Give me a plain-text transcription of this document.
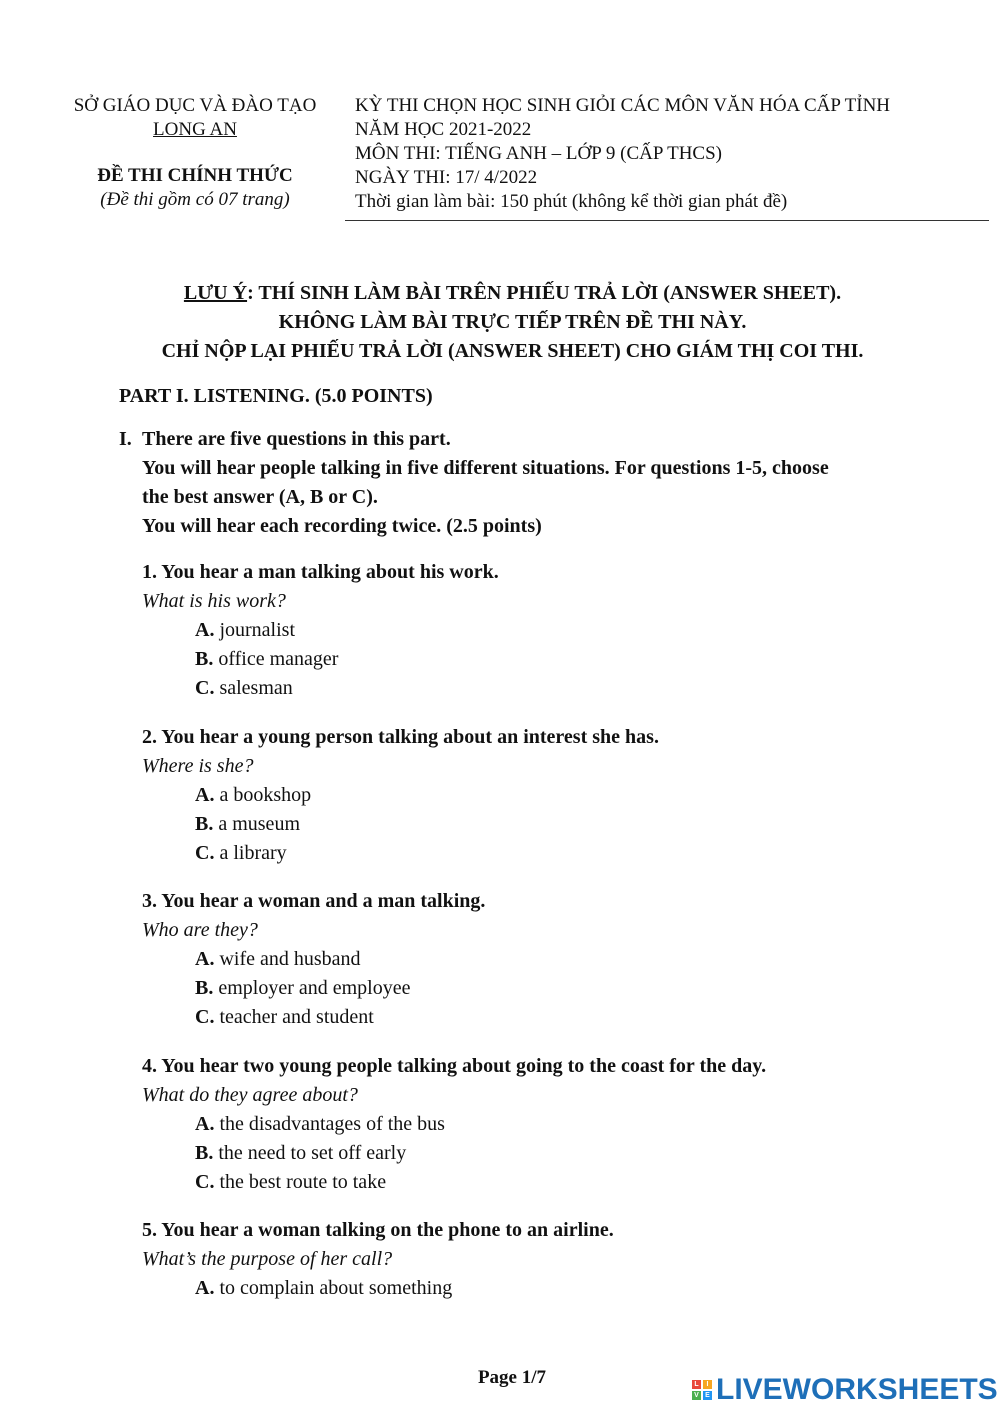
SỞ GIÁO DỤC VÀ ĐÀO TẠO
LONG AN
ĐỀ THI CHÍNH THỨC
(Đề thi gồm có 07 trang)
KỲ THI CHỌN HỌC SINH GIỎI CÁC MÔN VĂN HÓA CẤP TỈNH
NĂM HỌC 2021-2022
MÔN THI: TIẾNG ANH – LỚP 9 (CẤP THCS)
NGÀY THI: 17/ 4/2022
Thời gian làm bài: 150 phút (không kể thời gian phát đề)
LƯU Ý: THÍ SINH LÀM BÀI TRÊN PHIẾU TRẢ LỜI (ANSWER SHEET).
KHÔNG LÀM BÀI TRỰC TIẾP TRÊN ĐỀ THI NÀY.
CHỈ NỘP LẠI PHIẾU TRẢ LỜI (ANSWER SHEET) CHO GIÁM THỊ COI THI.
PART I. LISTENING. (5.0 POINTS)
I. There are five questions in this part.
You will hear people talking in five different situations. For questions 1-5, choose
the best answer (A, B or C).
You will hear each recording twice. (2.5 points)
1. You hear a man talking about his work.
What is his work?
A. journalist
B. office manager
C. salesman
2. You hear a young person talking about an interest she has.
Where is she?
A. a bookshop
B. a museum
C. a library
3. You hear a woman and a man talking.
Who are they?
A. wife and husband
B. employer and employee
C. teacher and student
4. You hear two young people talking about going to the coast for the day.
What do they agree about?
A. the disadvantages of the bus
B. the need to set off early
C. the best route to take
5. You hear a woman talking on the phone to an airline.
What’s the purpose of her call?
A. to complain about something
Page 1/7	L	I
V E LIVEWORKSHEETS
